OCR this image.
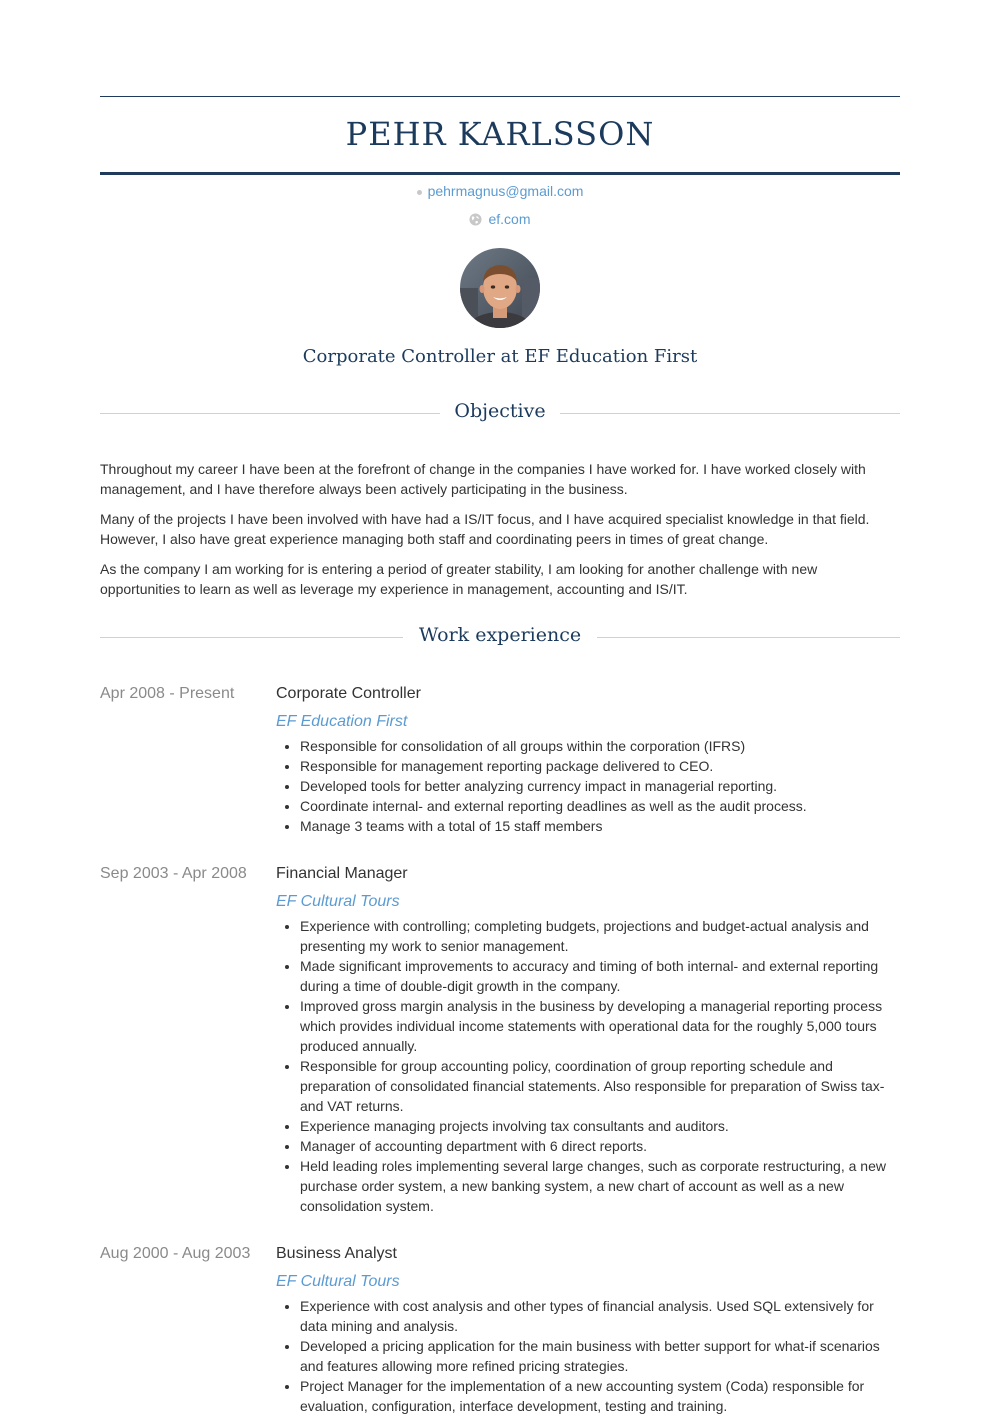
PEHR KARLSSON
pehrmagnus@gmail.com
ef.com
Corporate Controller at EF Education First
Objective

Throughout my career I have been at the forefront of change in the companies I have worked for. I have worked closely with management, and I have therefore always been actively participating in the business.

Many of the projects I have been involved with have had a IS/IT focus, and I have acquired specialist knowledge in that field. However, I also have great experience managing both staff and coordinating peers in times of great change.

As the company I am working for is entering a period of greater stability, I am looking for another challenge with new opportunities to learn as well as leverage my experience in management, accounting and IS/IT.

Work experience
Apr 2008 - Present	Corporate Controller
EF Education First
• Responsible for consolidation of all groups within the corporation (IFRS)
• Responsible for management reporting package delivered to CEO.
• Developed tools for better analyzing currency impact in managerial reporting.
• Coordinate internal- and external reporting deadlines as well as the audit process.
• Manage 3 teams with a total of 15 staff members
Sep 2003 - Apr 2008	Financial Manager
EF Cultural Tours
• Experience with controlling; completing budgets, projections and budget-actual analysis and presenting my work to senior management.
• Made significant improvements to accuracy and timing of both internal- and external reporting during a time of double-digit growth in the company.
• Improved gross margin analysis in the business by developing a managerial reporting process which provides individual income statements with operational data for the roughly 5,000 tours produced annually.
• Responsible for group accounting policy, coordination of group reporting schedule and preparation of consolidated financial statements. Also responsible for preparation of Swiss tax- and VAT returns.
• Experience managing projects involving tax consultants and auditors.
• Manager of accounting department with 6 direct reports.
• Held leading roles implementing several large changes, such as corporate restructuring, a new purchase order system, a new banking system, a new chart of account as well as a new consolidation system.
Aug 2000 - Aug 2003	Business Analyst
EF Cultural Tours
• Experience with cost analysis and other types of financial analysis. Used SQL extensively for data mining and analysis.
• Developed a pricing application for the main business with better support for what-if scenarios and features allowing more refined pricing strategies.
• Project Manager for the implementation of a new accounting system (Coda) responsible for evaluation, configuration, interface development, testing and training.
